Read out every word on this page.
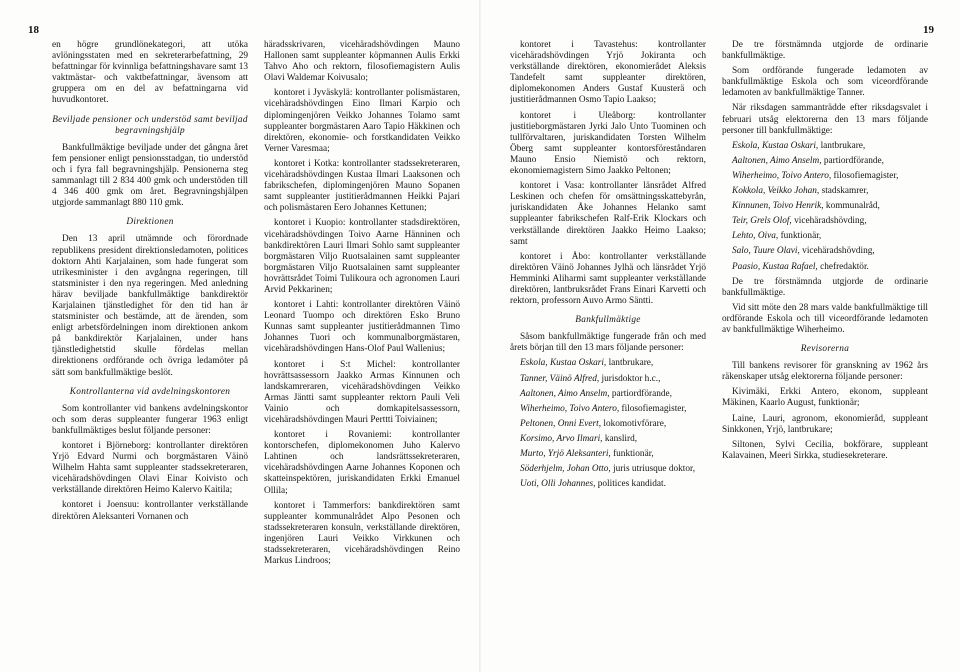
18	19

en högre grundlönekategori, att utöka avlöningsstaten med en sekreterarbefattning, 29 befattningar för kvinnliga befattningshavare samt 13 vaktmästar- och vaktbefattningar, ävensom att gruppera om en del av befattningarna vid huvudkontoret.

Beviljade pensioner och understöd samt beviljad begravningshjälp

Bankfullmäktige beviljade under det gångna året fem pensioner enligt pensionsstadgan, tio understöd och i fyra fall begravningshjälp. Pensionerna steg sammanlagt till 2 834 400 gmk och understöden till 4 346 400 gmk om året. Begravningshjälpen utgjorde sammanlagt 880 110 gmk.

Direktionen

Den 13 april utnämnde och förordnade republikens president direktionsledamoten, politices doktorn Ahti Karjalainen, som hade fungerat som utrikesminister i den avgångna regeringen, till statsminister i den nya regeringen. Med anledning härav beviljade bankfullmäktige bankdirektör Karjalainen tjänstledighet för den tid han är statsminister och bestämde, att de ärenden, som enligt arbetsfördelningen inom direktionen ankom på bankdirektör Karjalainen, under hans tjänstledighetstid skulle fördelas mellan direktionens ordförande och övriga ledamöter på sätt som bankfullmäktige beslöt.

Kontrollanterna vid avdelningskontoren

Som kontrollanter vid bankens avdelningskontor och som deras suppleanter fungerar 1963 enligt bankfullmäktiges beslut följande personer:

kontoret i Björneborg: kontrollanter direktören Yrjö Edvard Nurmi och borgmästaren Väinö Wilhelm Hahta samt suppleanter stadssekreteraren, vicehäradshövdingen Olavi Einar Koivisto och verkställande direktören Heimo Kalervo Kaitila;

kontoret i Joensuu: kontrollanter verkställande direktören Aleksanteri Vornanen och

häradsskrivaren, vicehäradshövdingen Mauno Hallonen samt suppleanter köpmannen Aulis Erkki Tahvo Aho och rektorn, filosofiemagistern Aulis Olavi Waldemar Koivusalo;

kontoret i Jyväskylä: kontrollanter polismästaren, vicehäradshövdingen Eino Ilmari Karpio och diplomingenjören Veikko Johannes Tolamo samt suppleanter borgmästaren Aaro Tapio Häkkinen och direktören, ekonomie- och forstkandidaten Veikko Verner Varesmaa;

kontoret i Kotka: kontrollanter stadssekreteraren, vicehäradshövdingen Kustaa Ilmari Laaksonen och fabrikschefen, diplomingenjören Mauno Sopanen samt suppleanter justitierådmannen Heikki Pajari och polismästaren Eero Johannes Kettunen;

kontoret i Kuopio: kontrollanter stadsdirektören, vicehäradshövdingen Toivo Aarne Hänninen och bankdirektören Lauri Ilmari Sohlo samt suppleanter borgmästaren Viljo Ruotsalainen samt suppleanter borgmästaren Viljo Ruotsalainen samt suppleanter hovrättsrådet Toimi Tulikoura och agronomen Lauri Arvid Pekkarinen;

kontoret i Lahti: kontrollanter direktören Väinö Leonard Tuompo och direktören Esko Bruno Kunnas samt suppleanter justitierådmannen Timo Johannes Tuori och kommunalborgmästaren, vicehäradshövdingen Hans-Olof Paul Wallenius;

kontoret i S:t Michel: kontrollanter hovrättsassessorn Jaakko Armas Kinnunen och landskamreraren, vicehäradshövdingen Veikko Armas Jäntti samt suppleanter rektorn Pauli Veli Vainio och domkapitelsassessorn, vicehäradshövdingen Mauri Perttti Toiviainen;

kontoret i Rovaniemi: kontrollanter kontorschefen, diplomekonomen Juho Kalervo Lahtinen och landsrättssekreteraren, vicehäradshövdingen Aarne Johannes Koponen och skatteinspektören, juriskandidaten Erkki Emanuel Ollila;

kontoret i Tammerfors: bankdirektören samt suppleanter kommunalrådet Alpo Pesonen och stadssekreteraren konsuln, verkställande direktören, ingenjören Lauri Veikko Virkkunen och stadssekreteraren, vicehäradshövdingen Reino Markus Lindroos;

kontoret i Tavastehus: kontrollanter vicehäradshövdingen Yrjö Jokiranta och verkställande direktören, ekonomierådet Aleksis Tandefelt samt suppleanter direktören, diplomekonomen Anders Gustaf Kuusterä och justitierådmannen Osmo Tapio Laakso;

kontoret i Uleåborg: kontrollanter justitieborgmästaren Jyrki Jalo Unto Tuominen och tullförvaltaren, juriskandidaten Torsten Wilhelm Öberg samt suppleanter kontorsföreståndaren Mauno Ensio Niemistö och rektorn, ekonomiemagistern Simo Jaakko Peltonen;

kontoret i Vasa: kontrollanter länsrådet Alfred Leskinen och chefen för omsättningsskattebyrån, juriskandidaten Åke Johannes Helanko samt suppleanter fabrikschefen Ralf-Erik Klockars och verkställande direktören Jaakko Heimo Laakso; samt

kontoret i Åbo: kontrollanter verkställande direktören Väinö Johannes Jylhä och länsrådet Yrjö Hemminki Aliharmi samt suppleanter verkställande direktören, lantbruksrådet Frans Einari Karvetti och rektorn, professorn Auvo Armo Säntti.

Bankfullmäktige

Såsom bankfullmäktige fungerade från och med årets början till den 13 mars följande personer:

Eskola, Kustaa Oskari, lantbrukare,

Tanner, Väinö Alfred, jurisdoktor h.c.,

Aaltonen, Aimo Anselm, partiordförande,

Wiherheimo, Toivo Antero, filosofiemagister,

Peltonen, Onni Evert, lokomotivförare,

Korsimo, Arvo Ilmari, kanslird,

Murto, Yrjö Aleksanteri, funktionär,

Söderhjelm, Johan Otto, juris utriusque doktor,

Uoti, Olli Johannes, politices kandidat.

De tre förstnämnda utgjorde de ordinarie bankfullmäktige.

Som ordförande fungerade ledamoten av bankfullmäktige Eskola och som viceordförande ledamoten av bankfullmäktige Tanner.

När riksdagen sammanträdde efter riksdagsvalet i februari utsåg elektorerna den 13 mars följande personer till bankfullmäktige:

Eskola, Kustaa Oskari, lantbrukare,

Aaltonen, Aimo Anselm, partiordförande,

Wiherheimo, Toivo Antero, filosofiemagister,

Kokkola, Veikko Johan, stadskamrer,

Kinnunen, Toivo Henrik, kommunalråd,

Teir, Grels Olof, vicehäradshövding,

Lehto, Oiva, funktionär,

Salo, Tuure Olavi, vicehäradshövding,

Paasio, Kustaa Rafael, chefredaktör.

De tre förstnämnda utgjorde de ordinarie bankfullmäktige.

Vid sitt möte den 28 mars valde bankfullmäktige till ordförande Eskola och till viceordförande ledamoten av bankfullmäktige Wiherheimo.

Revisorerna

Till bankens revisorer för granskning av 1962 års räkenskaper utsåg elektorerna följande personer:

Kivimäki, Erkki Antero, ekonom, suppleant Mäkinen, Kaarlo August, funktionär;

Laine, Lauri, agronom, ekonomieråd, suppleant Sinkkonen, Yrjö, lantbrukare;

Siltonen, Sylvi Cecilia, bokförare, suppleant Kalavainen, Meeri Sirkka, studiesekreterare.
